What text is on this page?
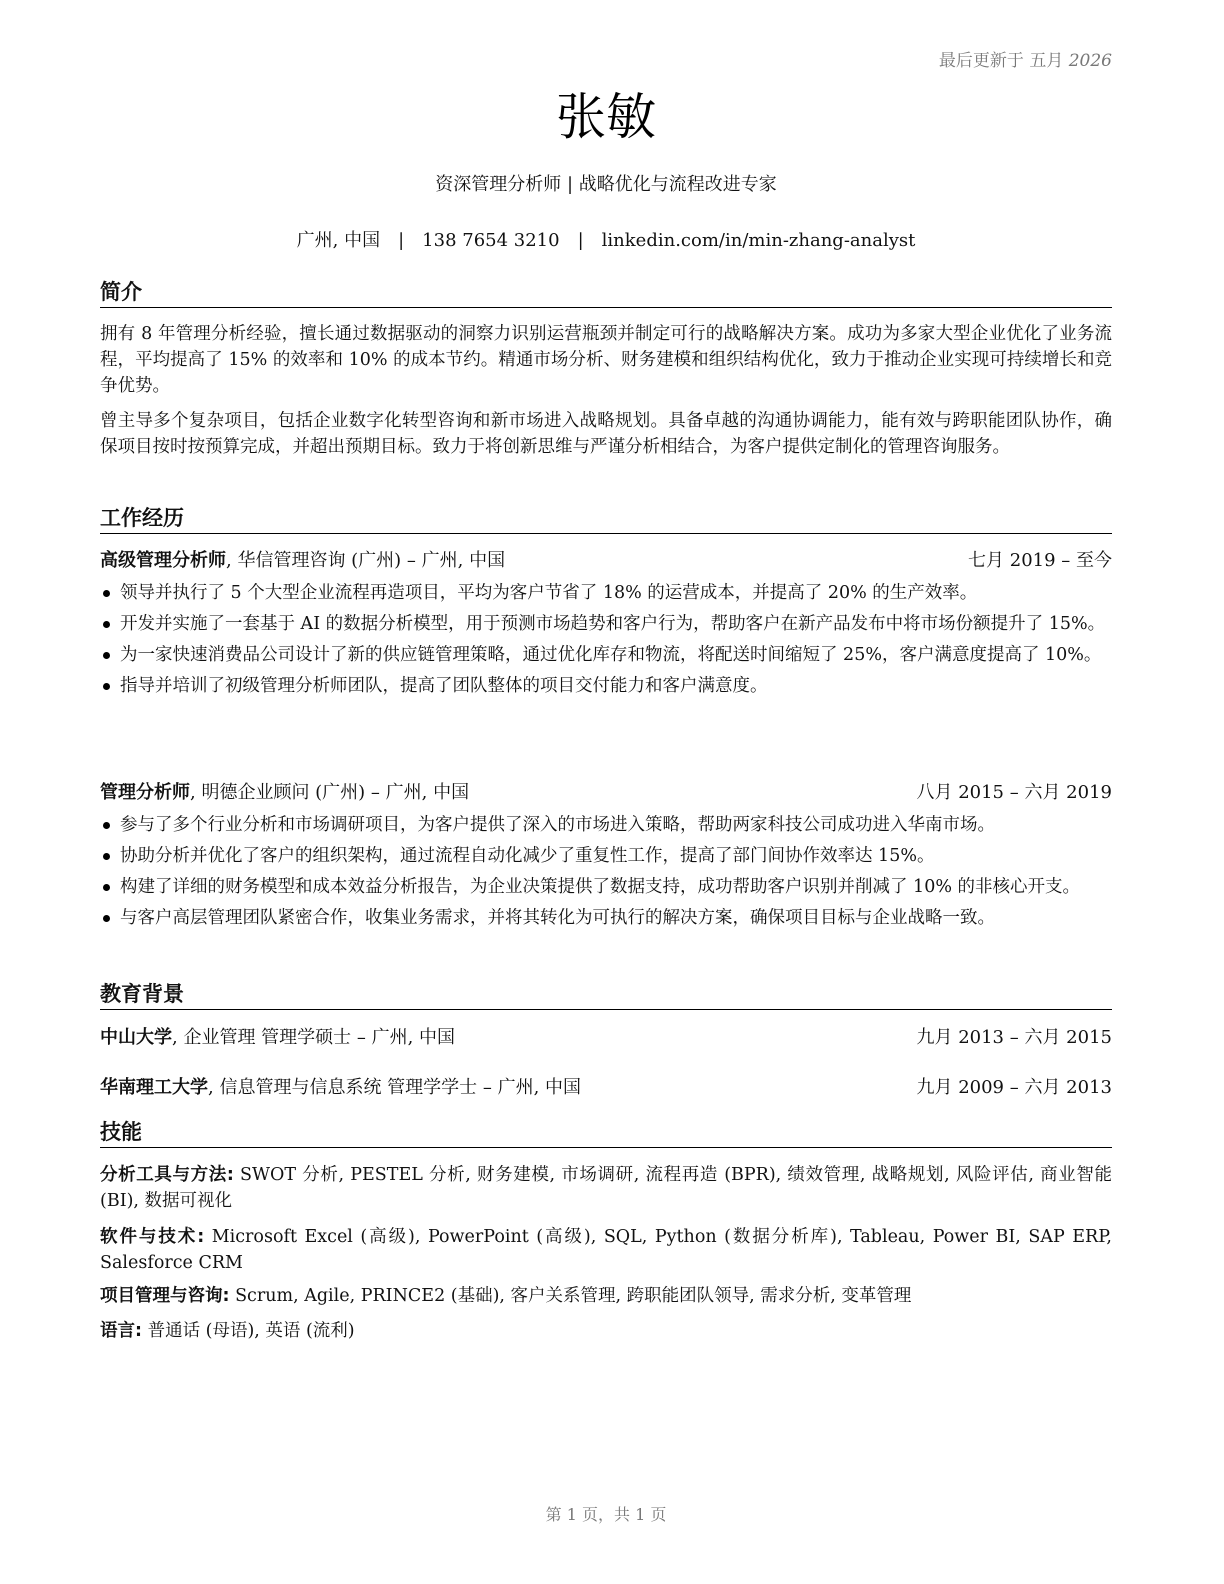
最后更新于 五月 2026
张敏
资深管理分析师 | 战略优化与流程改进专家
广州, 中国 | 138 7654 3210 | linkedin.com/in/min-zhang-analyst
简介
拥有 8 年管理分析经验，擅长通过数据驱动的洞察力识别运营瓶颈并制定可行的战略解决方案。成功为多家大型企业优化了业务流程，平均提高了 15% 的效率和 10% 的成本节约。精通市场分析、财务建模和组织结构优化，致力于推动企业实现可持续增长和竞争优势。
曾主导多个复杂项目，包括企业数字化转型咨询和新市场进入战略规划。具备卓越的沟通协调能力，能有效与跨职能团队协作，确保项目按时按预算完成，并超出预期目标。致力于将创新思维与严谨分析相结合，为客户提供定制化的管理咨询服务。
工作经历
高级管理分析师, 华信管理咨询 (广州) – 广州, 中国	七月 2019 – 至今
领导并执行了 5 个大型企业流程再造项目，平均为客户节省了 18% 的运营成本，并提高了 20% 的生产效率。
开发并实施了一套基于 AI 的数据分析模型，用于预测市场趋势和客户行为，帮助客户在新产品发布中将市场份额提升了 15%。
为一家快速消费品公司设计了新的供应链管理策略，通过优化库存和物流，将配送时间缩短了 25%，客户满意度提高了 10%。
指导并培训了初级管理分析师团队，提高了团队整体的项目交付能力和客户满意度。
管理分析师, 明德企业顾问 (广州) – 广州, 中国	八月 2015 – 六月 2019
参与了多个行业分析和市场调研项目，为客户提供了深入的市场进入策略，帮助两家科技公司成功进入华南市场。
协助分析并优化了客户的组织架构，通过流程自动化减少了重复性工作，提高了部门间协作效率达 15%。
构建了详细的财务模型和成本效益分析报告，为企业决策提供了数据支持，成功帮助客户识别并削减了 10% 的非核心开支。
与客户高层管理团队紧密合作，收集业务需求，并将其转化为可执行的解决方案，确保项目目标与企业战略一致。
教育背景
中山大学, 企业管理 管理学硕士 – 广州, 中国	九月 2013 – 六月 2015
华南理工大学, 信息管理与信息系统 管理学学士 – 广州, 中国	九月 2009 – 六月 2013
技能
分析工具与方法: SWOT 分析, PESTEL 分析, 财务建模, 市场调研, 流程再造 (BPR), 绩效管理, 战略规划, 风险评估, 商业智能 (BI), 数据可视化
软件与技术: Microsoft Excel (高级), PowerPoint (高级), SQL, Python (数据分析库), Tableau, Power BI, SAP ERP, Salesforce CRM
项目管理与咨询: Scrum, Agile, PRINCE2 (基础), 客户关系管理, 跨职能团队领导, 需求分析, 变革管理
语言: 普通话 (母语), 英语 (流利)
第 1 页，共 1 页
